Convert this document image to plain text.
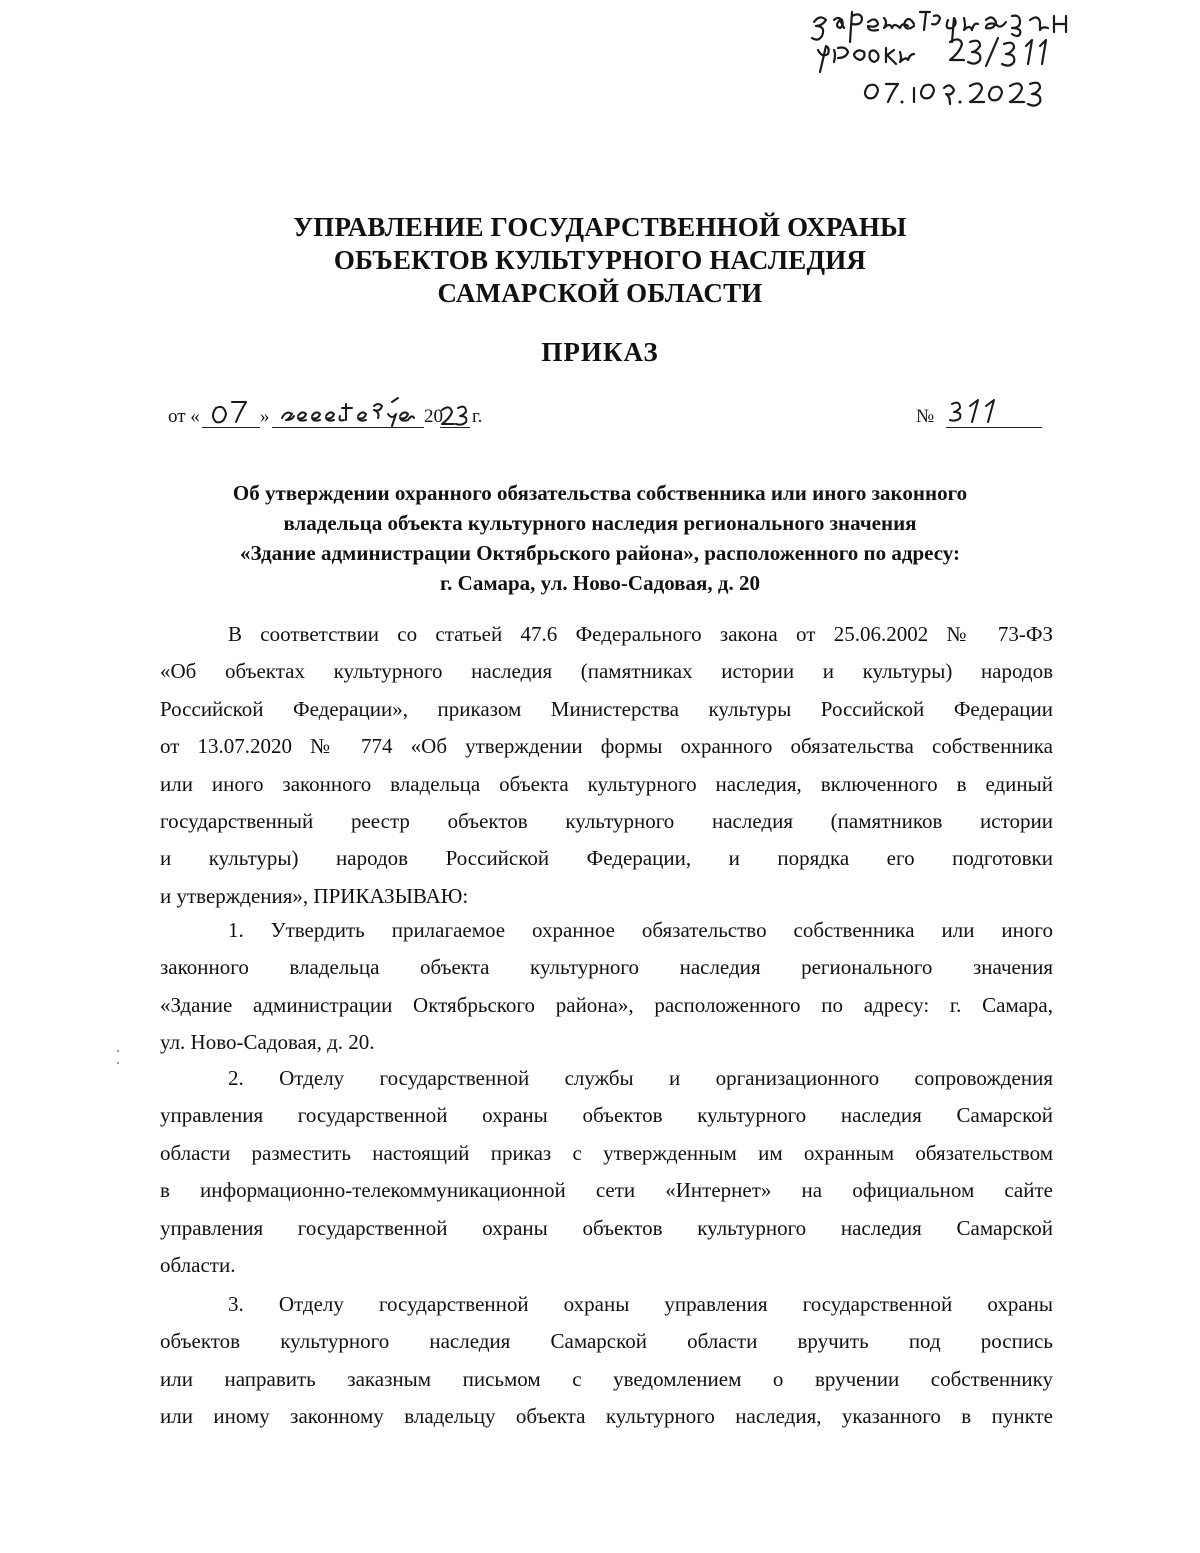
УПРАВЛЕНИЕ ГОСУДАРСТВЕННОЙ ОХРАНЫ
ОБЪЕКТОВ КУЛЬТУРНОГО НАСЛЕДИЯ
САМАРСКОЙ ОБЛАСТИ
ПРИКАЗ
от «	»	20 г.	№
Об утверждении охранного обязательства собственника или иного законного
владельца объекта культурного наследия регионального значения
«Здание администрации Октябрьского района», расположенного по адресу:
г. Самара, ул. Ново-Садовая, д. 20
В соответствии со статьей 47.6 Федерального закона от 25.06.2002 № 73-ФЗ
«Об объектах культурного наследия (памятниках истории и культуры) народов
Российской Федерации», приказом Министерства культуры Российской Федерации
от 13.07.2020 № 774 «Об утверждении формы охранного обязательства собственника
или иного законного владельца объекта культурного наследия, включенного в единый
государственный реестр объектов культурного наследия (памятников истории
и культуры) народов Российской Федерации, и порядка его подготовки
и утверждения», ПРИКАЗЫВАЮ:
1. Утвердить прилагаемое охранное обязательство собственника или иного
законного владельца объекта культурного наследия регионального значения
«Здание администрации Октябрьского района», расположенного по адресу: г. Самара,
ул. Ново-Садовая, д. 20.
2. Отделу государственной службы и организационного сопровождения
управления государственной охраны объектов культурного наследия Самарской
области разместить настоящий приказ с утвержденным им охранным обязательством
в информационно-телекоммуникационной сети «Интернет» на официальном сайте
управления государственной охраны объектов культурного наследия Самарской
области.
3. Отделу государственной охраны управления государственной охраны
объектов культурного наследия Самарской области вручить под роспись
или направить заказным письмом с уведомлением о вручении собственнику
или иному законному владельцу объекта культурного наследия, указанного в пункте
